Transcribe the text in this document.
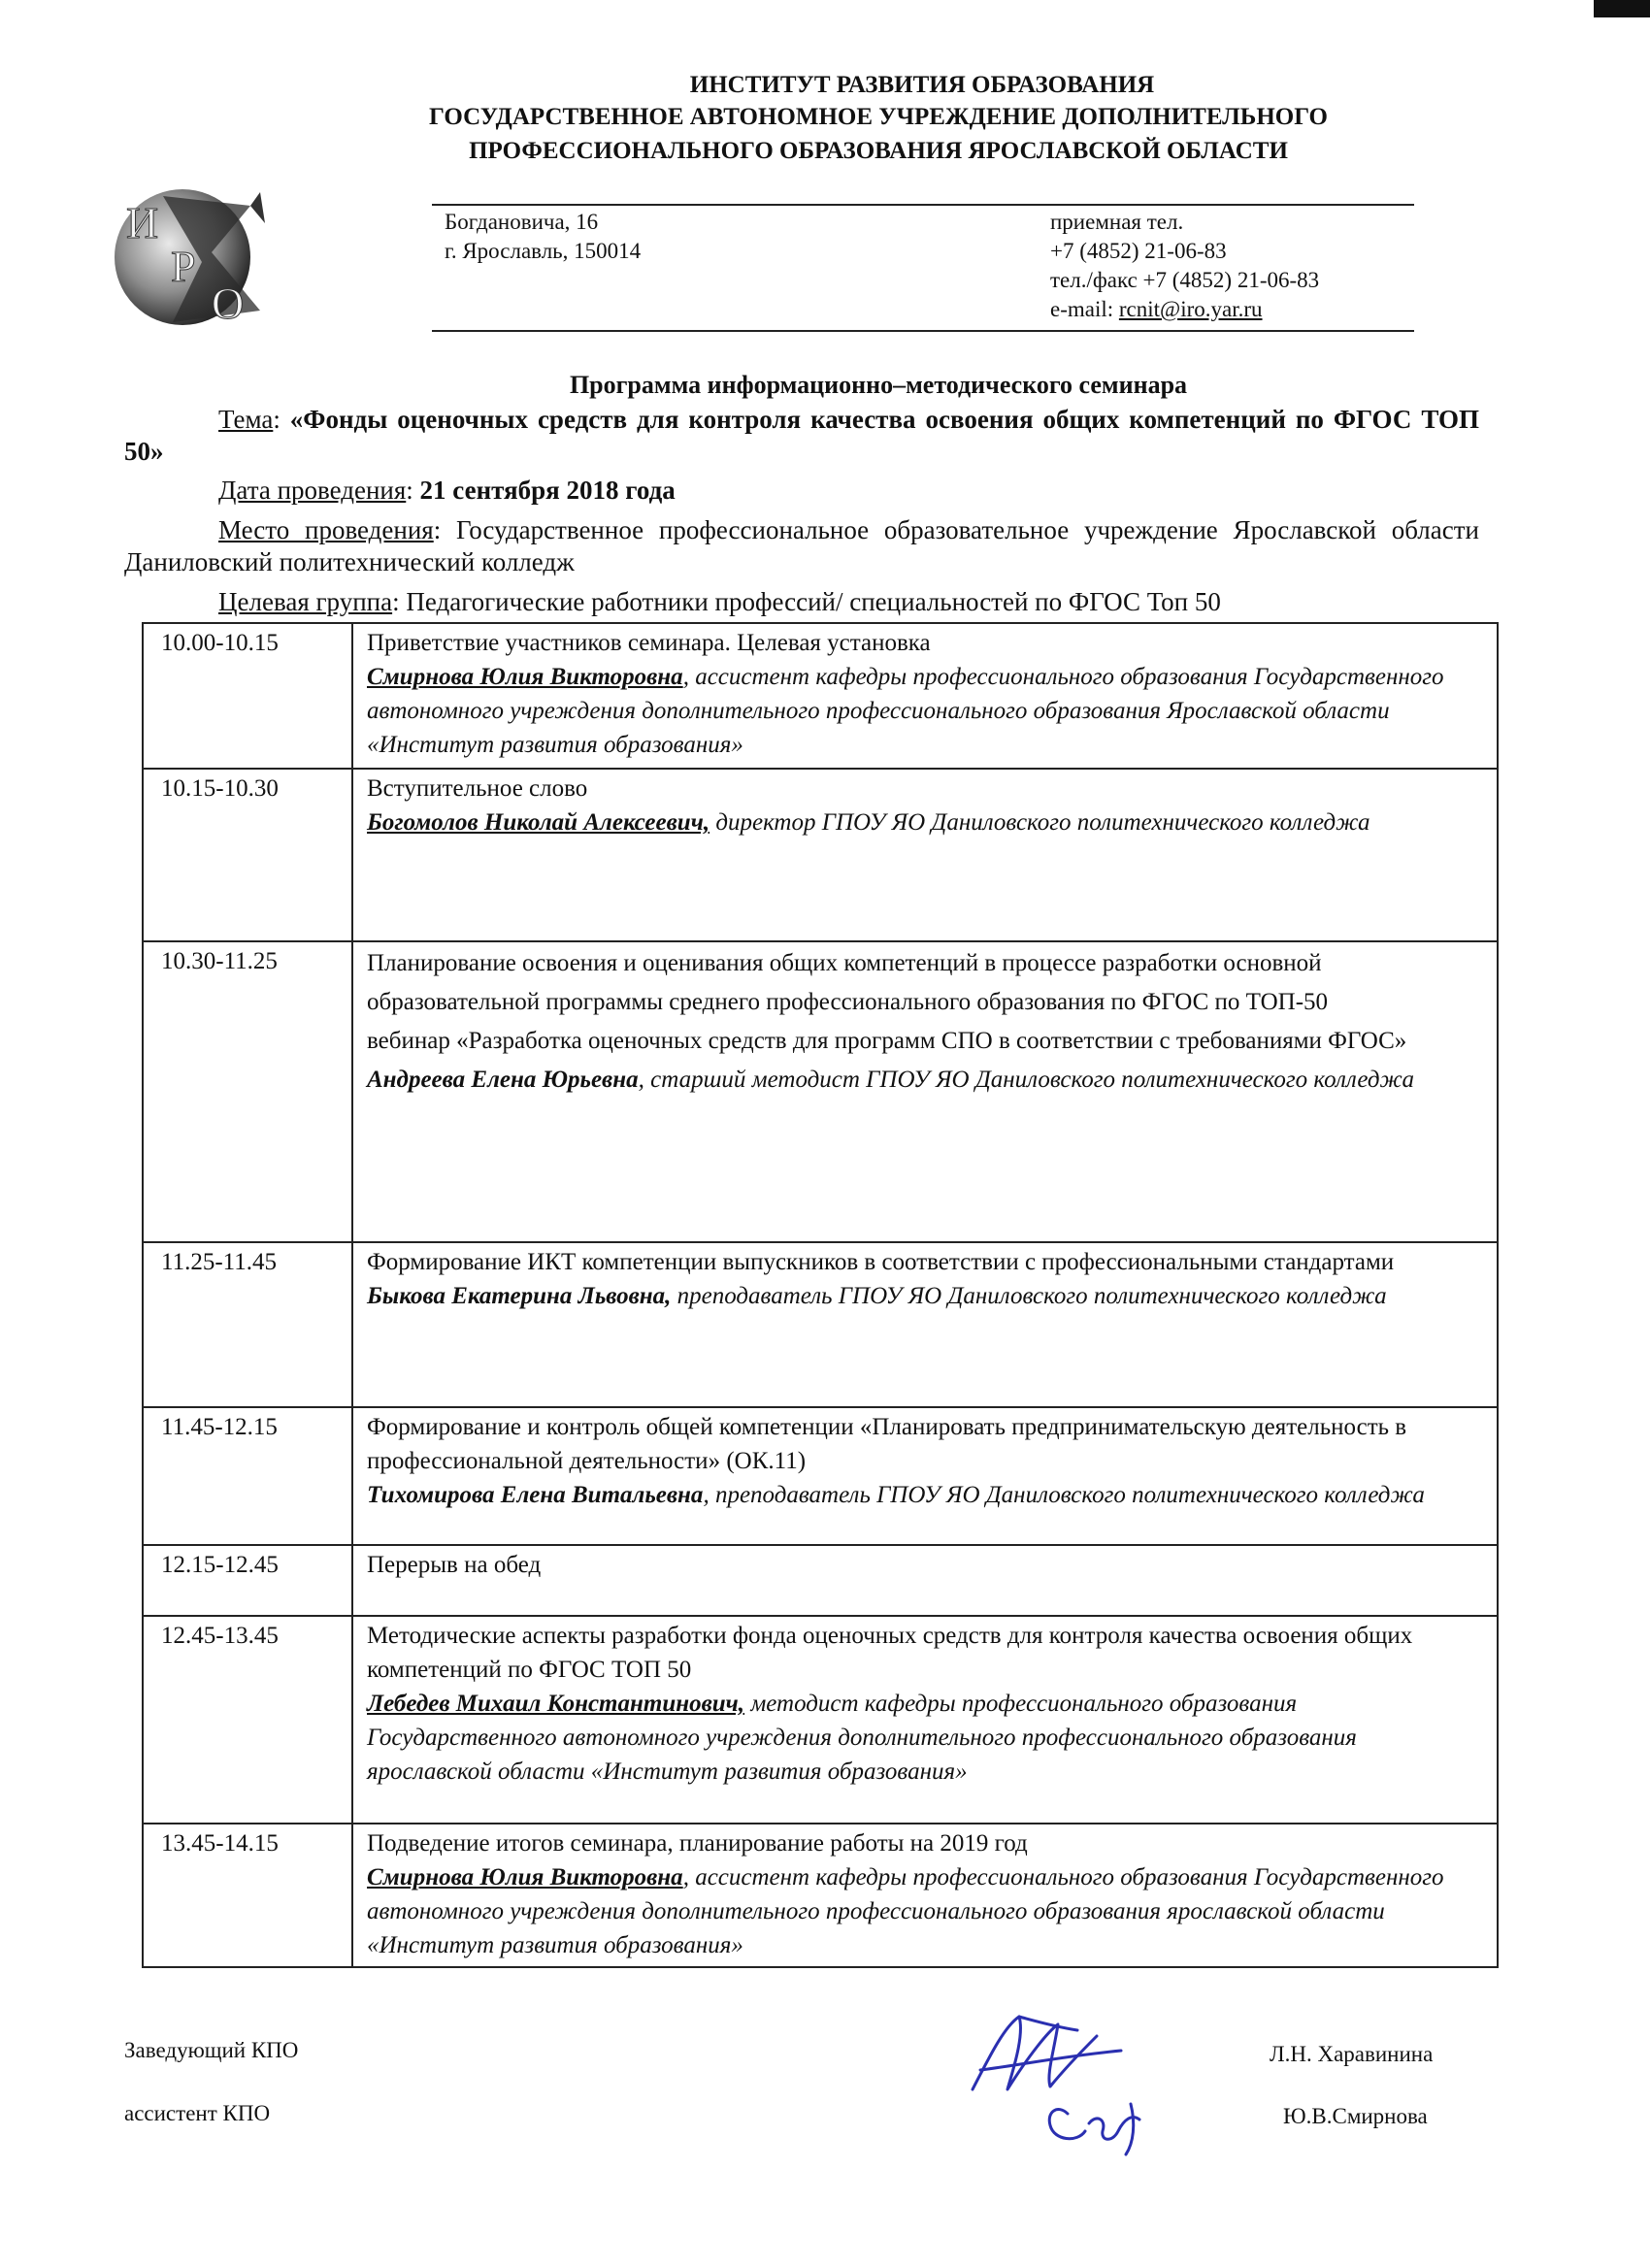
ИНСТИТУТ РАЗВИТИЯ ОБРАЗОВАНИЯ
ГОСУДАРСТВЕННОЕ АВТОНОМНОЕ УЧРЕЖДЕНИЕ ДОПОЛНИТЕЛЬНОГО
ПРОФЕССИОНАЛЬНОГО ОБРАЗОВАНИЯ ЯРОСЛАВСКОЙ ОБЛАСТИ
И
Р
О
Богдановича, 16
г. Ярославль, 150014
приемная тел.
+7 (4852) 21-06-83
тел./факс +7 (4852) 21-06-83
e-mail: rcnit@iro.yar.ru
Программа информационно–методического семинара
Тема: «Фонды оценочных средств для контроля качества освоения общих компетенций по ФГОС ТОП 50»
Дата проведения: 21 сентября 2018 года
Место проведения: Государственное профессиональное образовательное учреждение Ярославской области Даниловский политехнический колледж
Целевая группа: Педагогические работники профессий/ специальностей по ФГОС Топ 50
10.00-10.15	Приветствие участников семинара. Целевая установка
Смирнова Юлия Викторовна, ассистент кафедры профессионального образования Государственного автономного учреждения дополнительного профессионального образования Ярославской области «Институт развития образования»

10.15-10.30	Вступительное слово
Богомолов Николай Алексеевич, директор ГПОУ ЯО Даниловского политехнического колледжа

10.30-11.25	Планирование освоения и оценивания общих компетенций в процессе разработки основной образовательной программы среднего профессионального образования по ФГОС по ТОП-50
вебинар «Разработка оценочных средств для программ СПО в соответствии с требованиями ФГОС»
Андреева Елена Юрьевна, старший методист ГПОУ ЯО Даниловского политехнического колледжа

11.25-11.45	Формирование ИКТ компетенции выпускников в соответствии с профессиональными стандартами
Быкова Екатерина Львовна, преподаватель ГПОУ ЯО Даниловского политехнического колледжа

11.45-12.15	Формирование и контроль общей компетенции «Планировать предпринимательскую деятельность в профессиональной деятельности» (ОК.11)
Тихомирова Елена Витальевна, преподаватель ГПОУ ЯО Даниловского политехнического колледжа

12.15-12.45	Перерыв на обед

12.45-13.45	Методические аспекты разработки фонда оценочных средств для контроля качества освоения общих компетенций по ФГОС ТОП 50
Лебедев Михаил Константинович, методист кафедры профессионального образования Государственного автономного учреждения дополнительного профессионального образования ярославской области «Институт развития образования»

13.45-14.15	Подведение итогов семинара, планирование работы на 2019 год
Смирнова Юлия Викторовна, ассистент кафедры профессионального образования Государственного автономного учреждения дополнительного профессионального образования ярославской области «Институт развития образования»
Заведующий КПО
ассистент КПО
Л.Н. Харавинина
Ю.В.Смирнова
